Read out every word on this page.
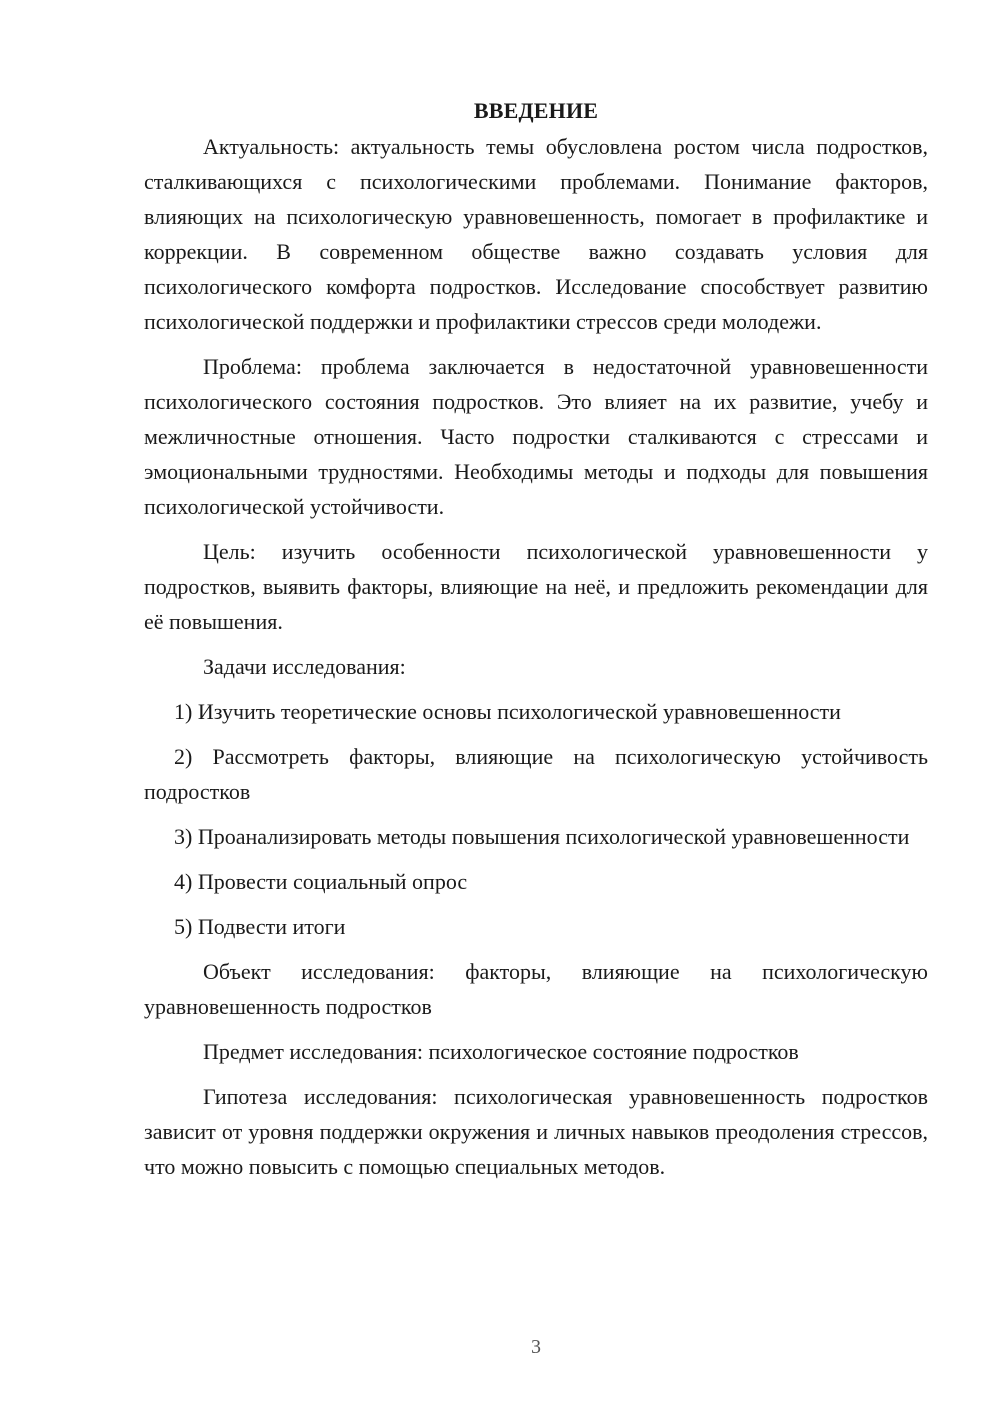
ВВЕДЕНИЕ

Актуальность: актуальность темы обусловлена ростом числа подростков, сталкивающихся с психологическими проблемами. Понимание факторов, влияющих на психологическую уравновешенность, помогает в профилактике и коррекции. В современном обществе важно создавать условия для психологического комфорта подростков. Исследование способствует развитию психологической поддержки и профилактики стрессов среди молодежи.

Проблема: проблема заключается в недостаточной уравновешенности психологического состояния подростков. Это влияет на их развитие, учебу и межличностные отношения. Часто подростки сталкиваются с стрессами и эмоциональными трудностями. Необходимы методы и подходы для повышения психологической устойчивости.

Цель: изучить особенности психологической уравновешенности у подростков, выявить факторы, влияющие на неё, и предложить рекомендации для её повышения.

Задачи исследования:

1) Изучить теоретические основы психологической уравновешенности

2) Рассмотреть факторы, влияющие на психологическую устойчивость подростков

3) Проанализировать методы повышения психологической уравновешенности

4) Провести социальный опрос

5) Подвести итоги

Объект исследования: факторы, влияющие на психологическую уравновешенность подростков

Предмет исследования: психологическое состояние подростков

Гипотеза исследования: психологическая уравновешенность подростков зависит от уровня поддержки окружения и личных навыков преодоления стрессов, что можно повысить с помощью специальных методов.

3
